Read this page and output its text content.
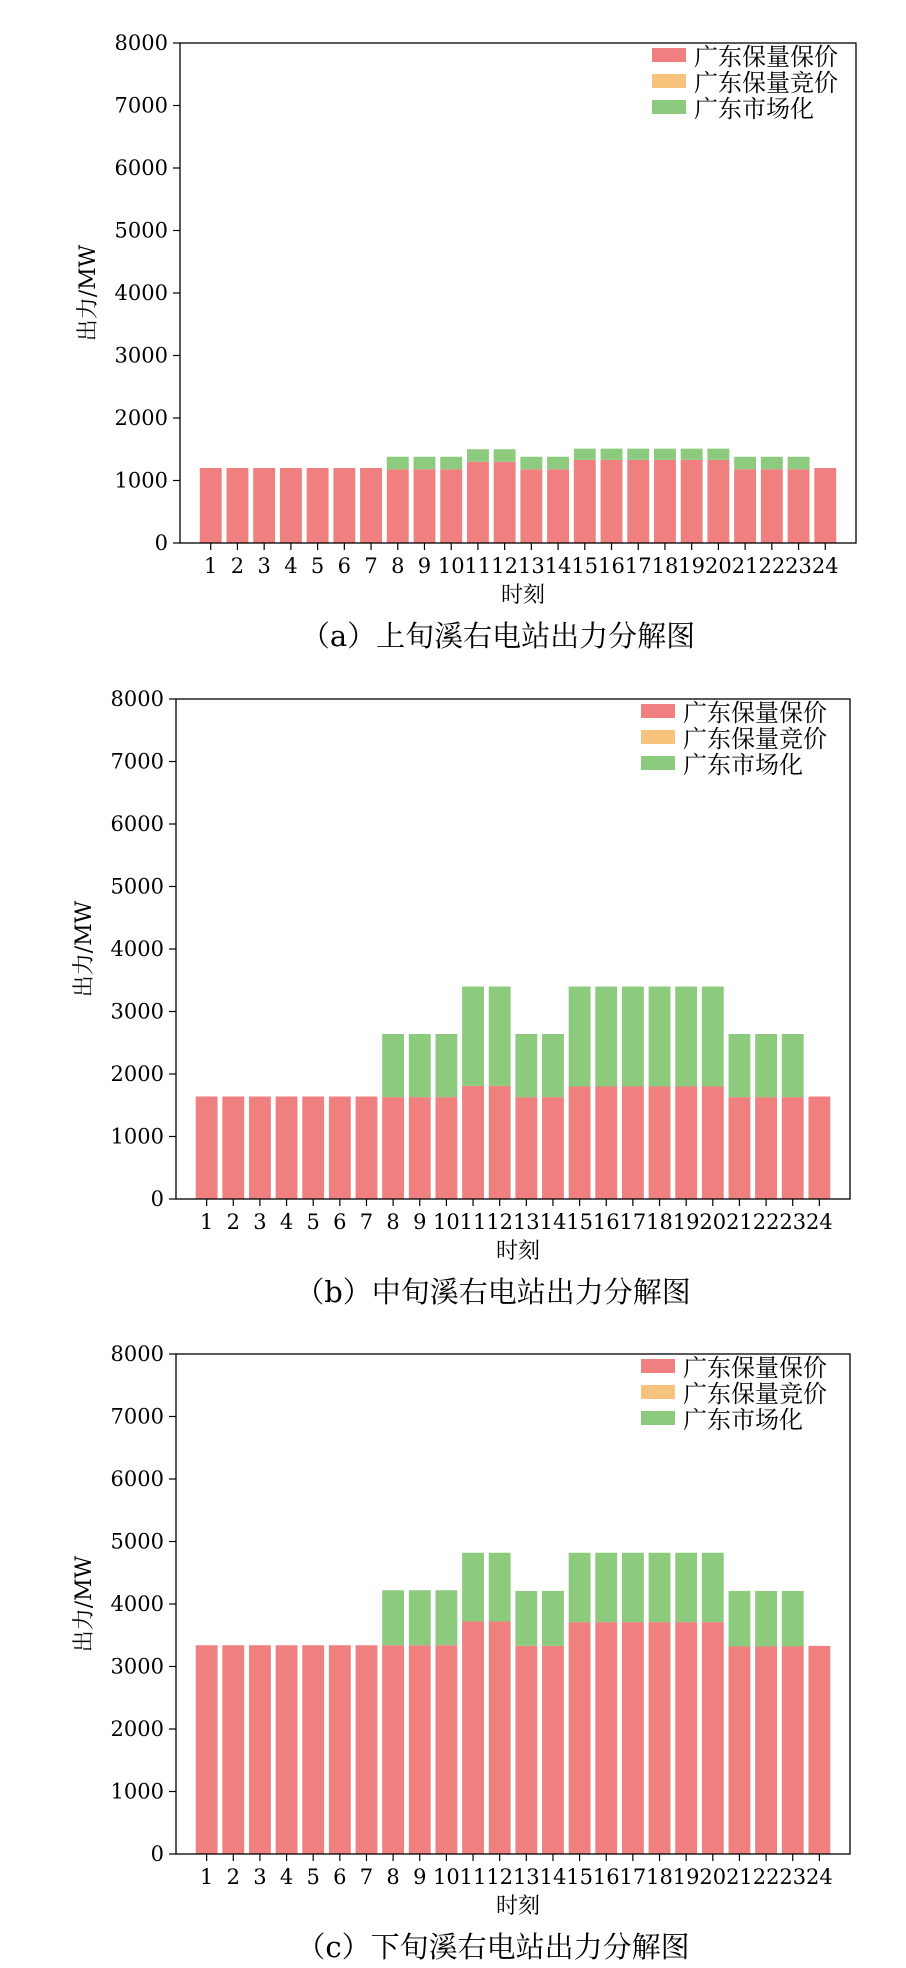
0
1000
2000
3000
4000
5000
6000
7000
8000
1 2 3 4 5 6 7 8 9 10 11 12 13 14 15 16 17 18 19 20 21 22 23 24
时刻
出力/MW
广东保量保价
广东保量竞价
广东市场化
（a）上旬溪右电站出力分解图
0
1000
2000
3000
4000
5000
6000
7000
8000
1 2 3 4 5 6 7 8 9 10 11 12 13 14 15 16 17 18 19 20 21 22 23 24
时刻
出力/MW
广东保量保价
广东保量竞价
广东市场化
（b）中旬溪右电站出力分解图
0
1000
2000
3000
4000
5000
6000
7000
8000
1 2 3 4 5 6 7 8 9 10 11 12 13 14 15 16 17 18 19 20 21 22 23 24
时刻
出力/MW
广东保量保价
广东保量竞价
广东市场化
（c）下旬溪右电站出力分解图
